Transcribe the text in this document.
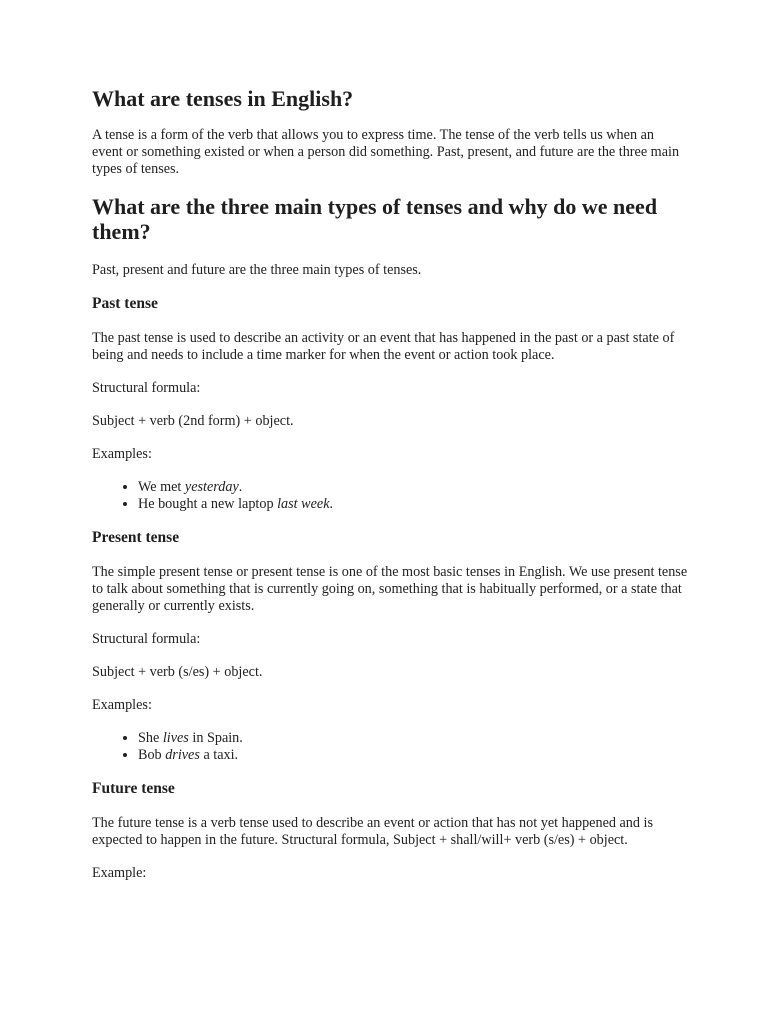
What are tenses in English?

A tense is a form of the verb that allows you to express time. The tense of the verb tells us when an event or something existed or when a person did something. Past, present, and future are the three main types of tenses.

What are the three main types of tenses and why do we need them?

Past, present and future are the three main types of tenses.

Past tense

The past tense is used to describe an activity or an event that has happened in the past or a past state of being and needs to include a time marker for when the event or action took place.

Structural formula:

Subject + verb (2nd form) + object.

Examples:

• We met yesterday.
• He bought a new laptop last week.
Present tense

The simple present tense or present tense is one of the most basic tenses in English. We use present tense to talk about something that is currently going on, something that is habitually performed, or a state that generally or currently exists.

Structural formula:

Subject + verb (s/es) + object.

Examples:

• She lives in Spain.
• Bob drives a taxi.
Future tense

The future tense is a verb tense used to describe an event or action that has not yet happened and is expected to happen in the future. Structural formula, Subject + shall/will+ verb (s/es) + object.

Example:
